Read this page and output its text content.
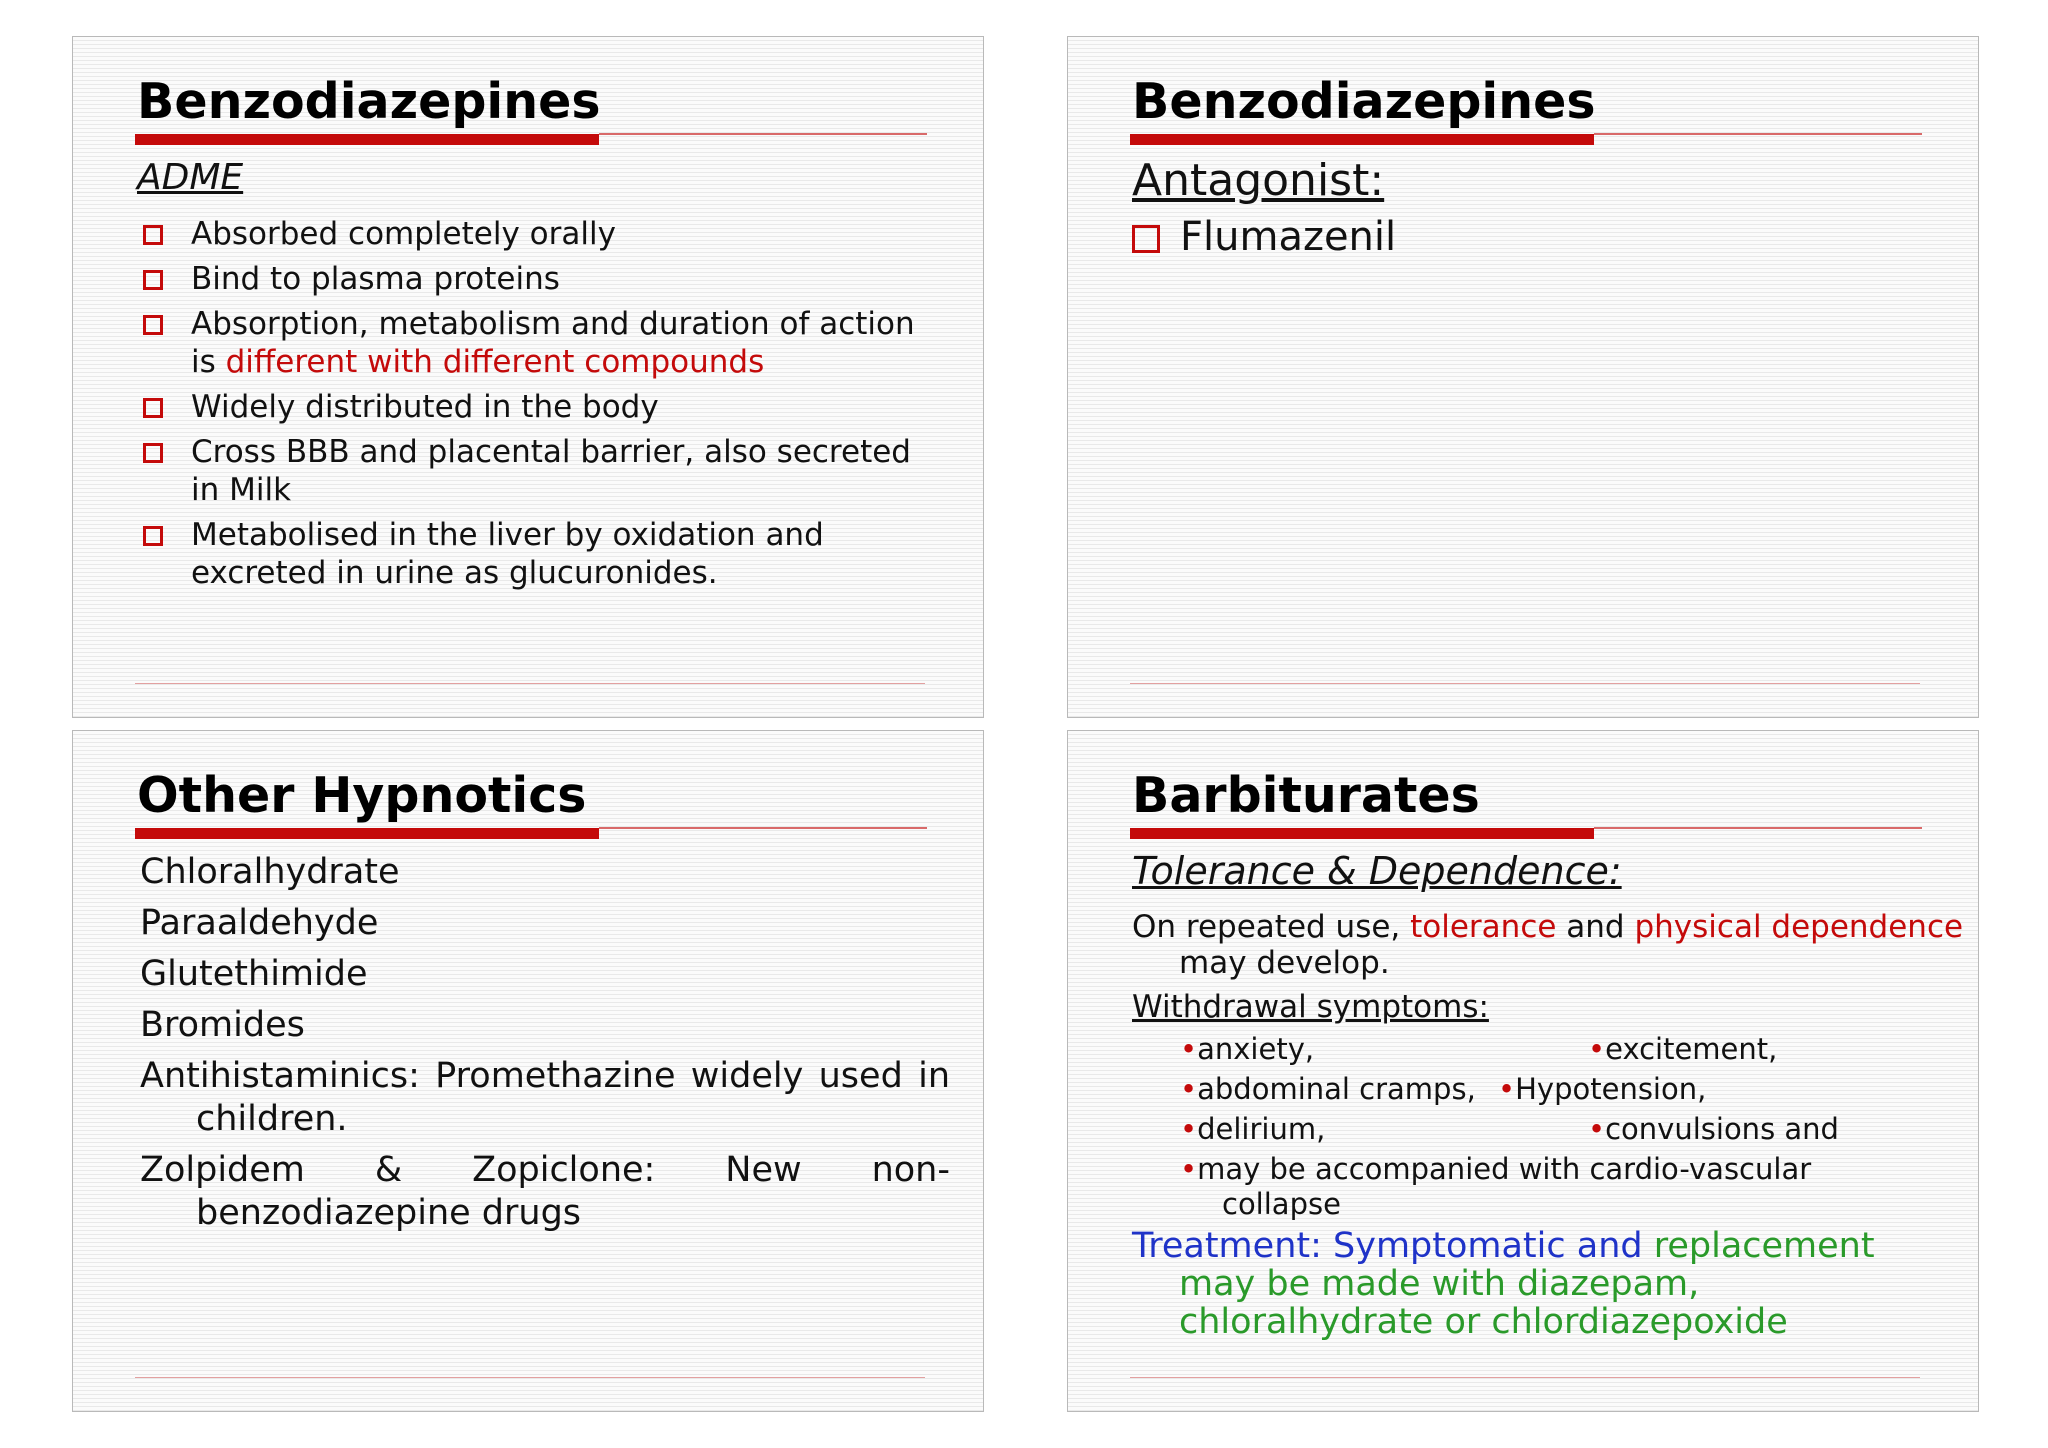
Benzodiazepines
ADME
Absorbed completely orally
Bind to plasma proteins
Absorption, metabolism and duration of action is different with different compounds
Widely distributed in the body
Cross BBB and placental barrier, also secreted in Milk
Metabolised in the liver by oxidation and excreted in urine as glucuronides.
Benzodiazepines
Antagonist:
Flumazenil
Other Hypnotics
Chloralhydrate
Paraaldehyde
Glutethimide
Bromides
Antihistaminics: Promethazine widely used in children.
Zolpidem & Zopiclone: New non-benzodiazepine drugs
Barbiturates
Tolerance & Dependence:
On repeated use, tolerance and physical dependence may develop.
Withdrawal symptoms:
•anxiety,	•excitement,
•abdominal cramps, •Hypotension,
•delirium,	•convulsions and
•may be accompanied with cardio-vascular
collapse
Treatment: Symptomatic and replacement
may be made with diazepam,
chloralhydrate or chlordiazepoxide
